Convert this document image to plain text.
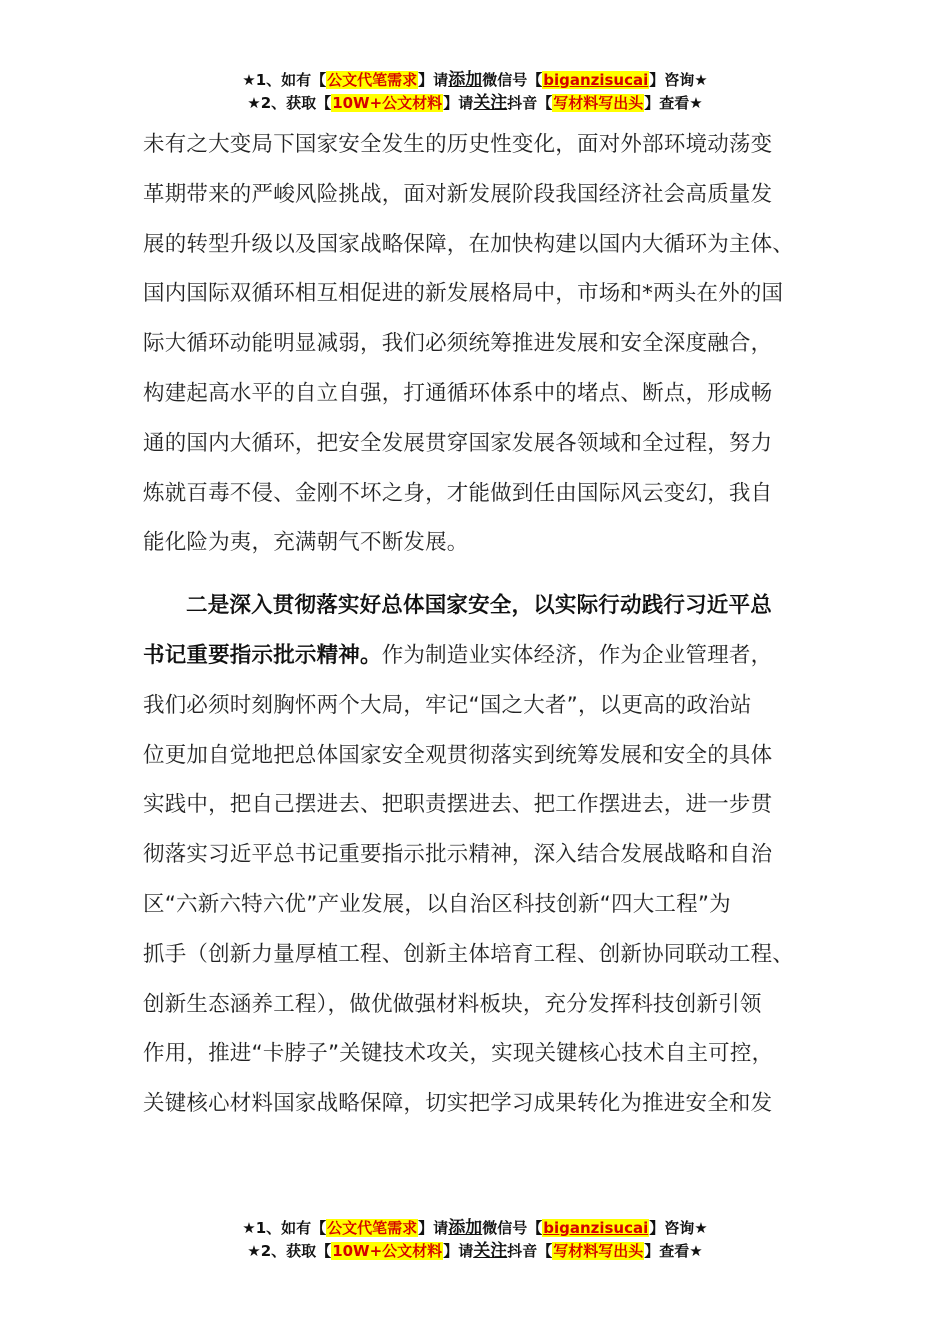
★1、如有【公文代笔需求】请添加微信号【biganzisucai】咨询★
★2、获取【10W+公文材料】请关注抖音【写材料写出头】查看★
未有之大变局下国家安全发生的历史性变化，面对外部环境动荡变
革期带来的严峻风险挑战，面对新发展阶段我国经济社会高质量发
展的转型升级以及国家战略保障，在加快构建以国内大循环为主体、
国内国际双循环相互相促进的新发展格局中，市场和*两头在外的国
际大循环动能明显减弱，我们必须统筹推进发展和安全深度融合，
构建起高水平的自立自强，打通循环体系中的堵点、断点，形成畅
通的国内大循环，把安全发展贯穿国家发展各领域和全过程，努力
炼就百毒不侵、金刚不坏之身，才能做到任由国际风云变幻，我自
能化险为夷，充满朝气不断发展。
二是深入贯彻落实好总体国家安全，以实际行动践行习近平总
书记重要指示批示精神。作为制造业实体经济，作为企业管理者，
我们必须时刻胸怀两个大局，牢记“国之大者”，以更高的政治站
位更加自觉地把总体国家安全观贯彻落实到统筹发展和安全的具体
实践中，把自己摆进去、把职责摆进去、把工作摆进去，进一步贯
彻落实习近平总书记重要指示批示精神，深入结合发展战略和自治
区“六新六特六优”产业发展，以自治区科技创新“四大工程”为
抓手（创新力量厚植工程、创新主体培育工程、创新协同联动工程、
创新生态涵养工程），做优做强材料板块，充分发挥科技创新引领
作用，推进“卡脖子”关键技术攻关，实现关键核心技术自主可控，
关键核心材料国家战略保障，切实把学习成果转化为推进安全和发
★1、如有【公文代笔需求】请添加微信号【biganzisucai】咨询★
★2、获取【10W+公文材料】请关注抖音【写材料写出头】查看★
